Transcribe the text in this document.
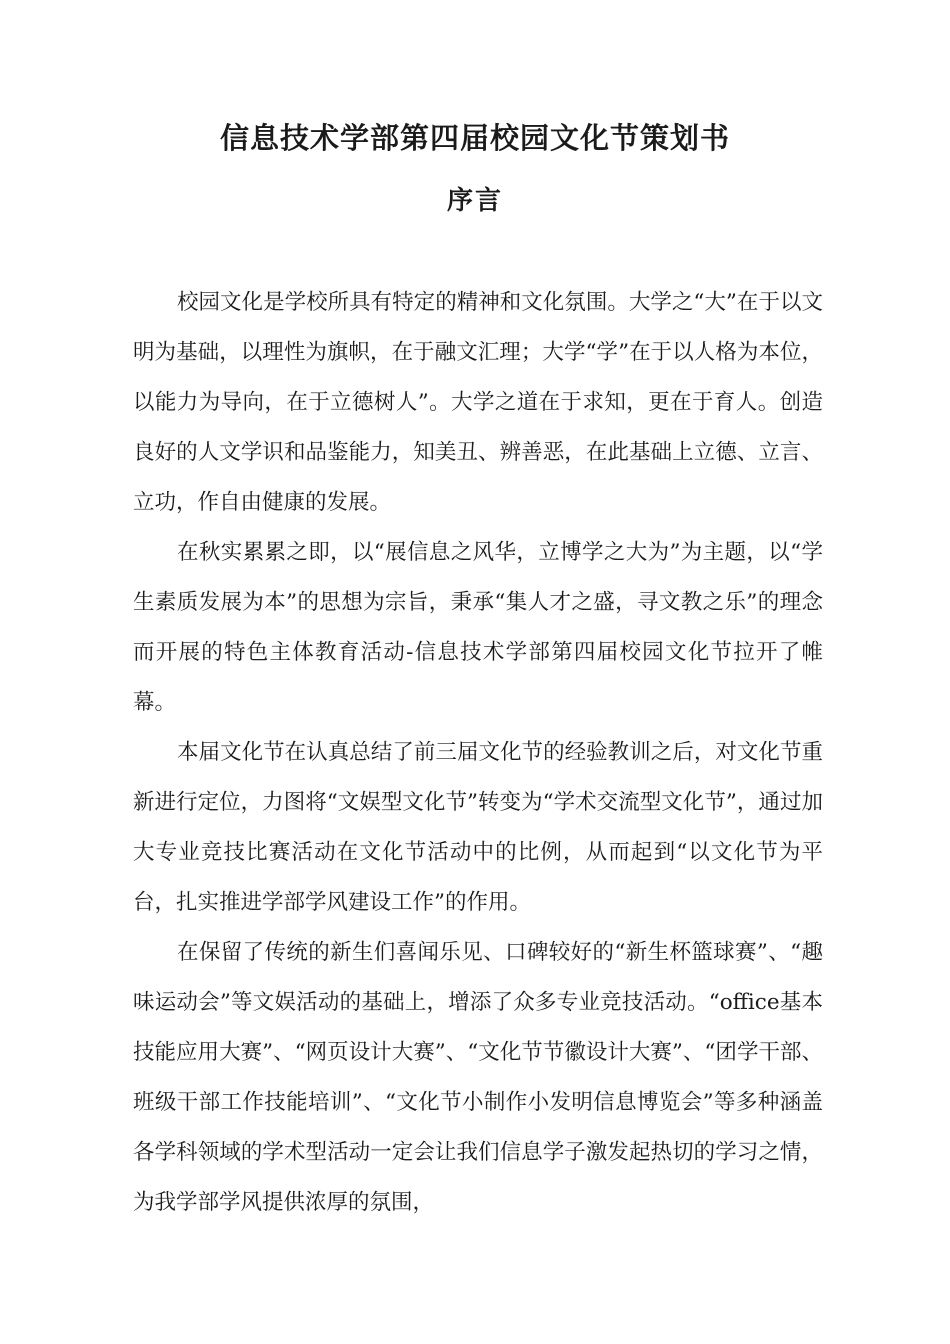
信息技术学部第四届校园文化节策划书
序言

校园文化是学校所具有特定的精神和文化氛围。大学之“大”在于以文明为基础，以理性为旗帜，在于融文汇理；大学“学”在于以人格为本位，以能力为导向，在于立德树人”。大学之道在于求知，更在于育人。创造良好的人文学识和品鉴能力，知美丑、辨善恶，在此基础上立德、立言、立功，作自由健康的发展。

在秋实累累之即，以“展信息之风华，立博学之大为”为主题，以“学生素质发展为本”的思想为宗旨，秉承“集人才之盛，寻文教之乐”的理念而开展的特色主体教育活动-信息技术学部第四届校园文化节拉开了帷幕。

本届文化节在认真总结了前三届文化节的经验教训之后，对文化节重新进行定位，力图将“文娱型文化节”转变为“学术交流型文化节”，通过加大专业竞技比赛活动在文化节活动中的比例，从而起到“以文化节为平台，扎实推进学部学风建设工作”的作用。

在保留了传统的新生们喜闻乐见、口碑较好的“新生杯篮球赛”、“趣味运动会”等文娱活动的基础上，增添了众多专业竞技活动。“office基本技能应用大赛”、“网页设计大赛”、“文化节节徽设计大赛”、“团学干部、班级干部工作技能培训”、“文化节小制作小发明信息博览会”等多种涵盖各学科领域的学术型活动一定会让我们信息学子激发起热切的学习之情，为我学部学风提供浓厚的氛围，
